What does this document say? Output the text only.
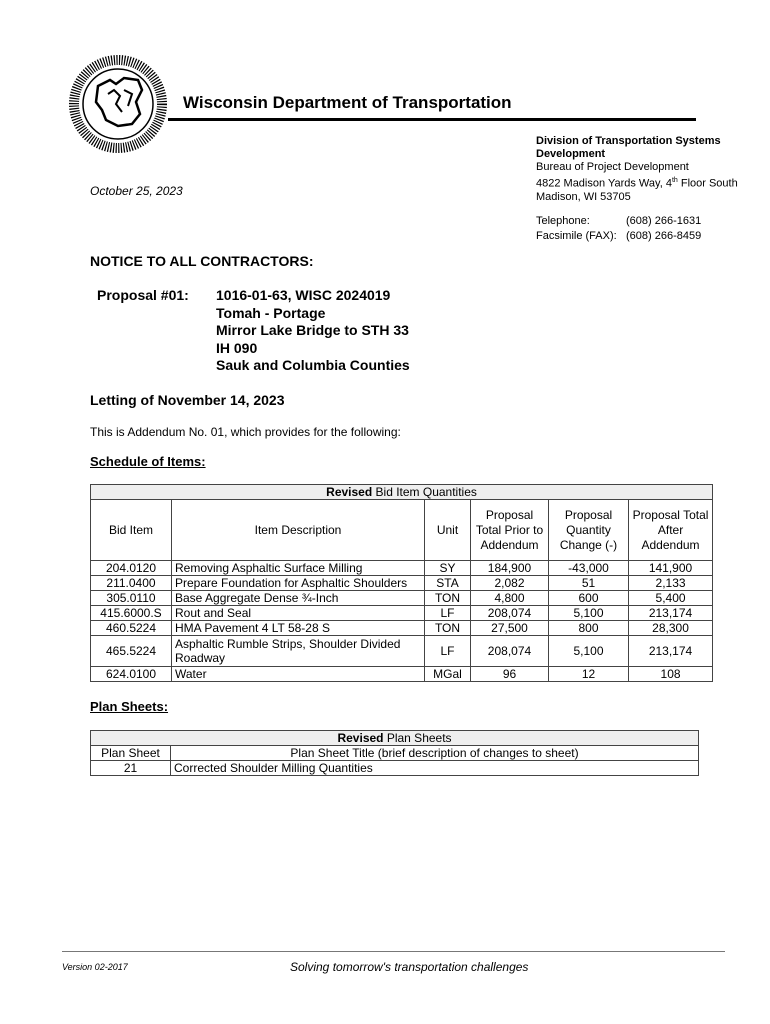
Wisconsin Department of Transportation
October 25, 2023
Division of Transportation Systems
Development
Bureau of Project Development
4822 Madison Yards Way, 4th Floor South
Madison, WI 53705
Telephone:	(608) 266-1631
Facsimile (FAX): (608) 266-8459
NOTICE TO ALL CONTRACTORS:
Proposal #01: 1016-01-63, WISC 2024019
Tomah - Portage
Mirror Lake Bridge to STH 33
IH 090
Sauk and Columbia Counties
Letting of November 14, 2023
This is Addendum No. 01, which provides for the following:
Schedule of Items:
Revised Bid Item Quantities					
Bid Item	Item Description	Unit	Proposal Total Prior to Addendum	Proposal Quantity Change (-)	Proposal Total After Addendum
204.0120	Removing Asphaltic Surface Milling	SY	184,900	-43,000	141,900
211.0400	Prepare Foundation for Asphaltic Shoulders	STA	2,082	51	2,133
305.0110	Base Aggregate Dense ¾-Inch	TON	4,800	600	5,400
415.6000.S	Rout and Seal	LF	208,074	5,100	213,174
460.5224	HMA Pavement 4 LT 58-28 S	TON	27,500	800	28,300
465.5224	Asphaltic Rumble Strips, Shoulder Divided Roadway	LF	208,074	5,100	213,174
624.0100	Water	MGal	96	12	108
Plan Sheets:
Revised Plan Sheets	
Plan Sheet	Plan Sheet Title (brief description of changes to sheet)
21	Corrected Shoulder Milling Quantities
Version 02-2017	Solving tomorrow's transportation challenges
